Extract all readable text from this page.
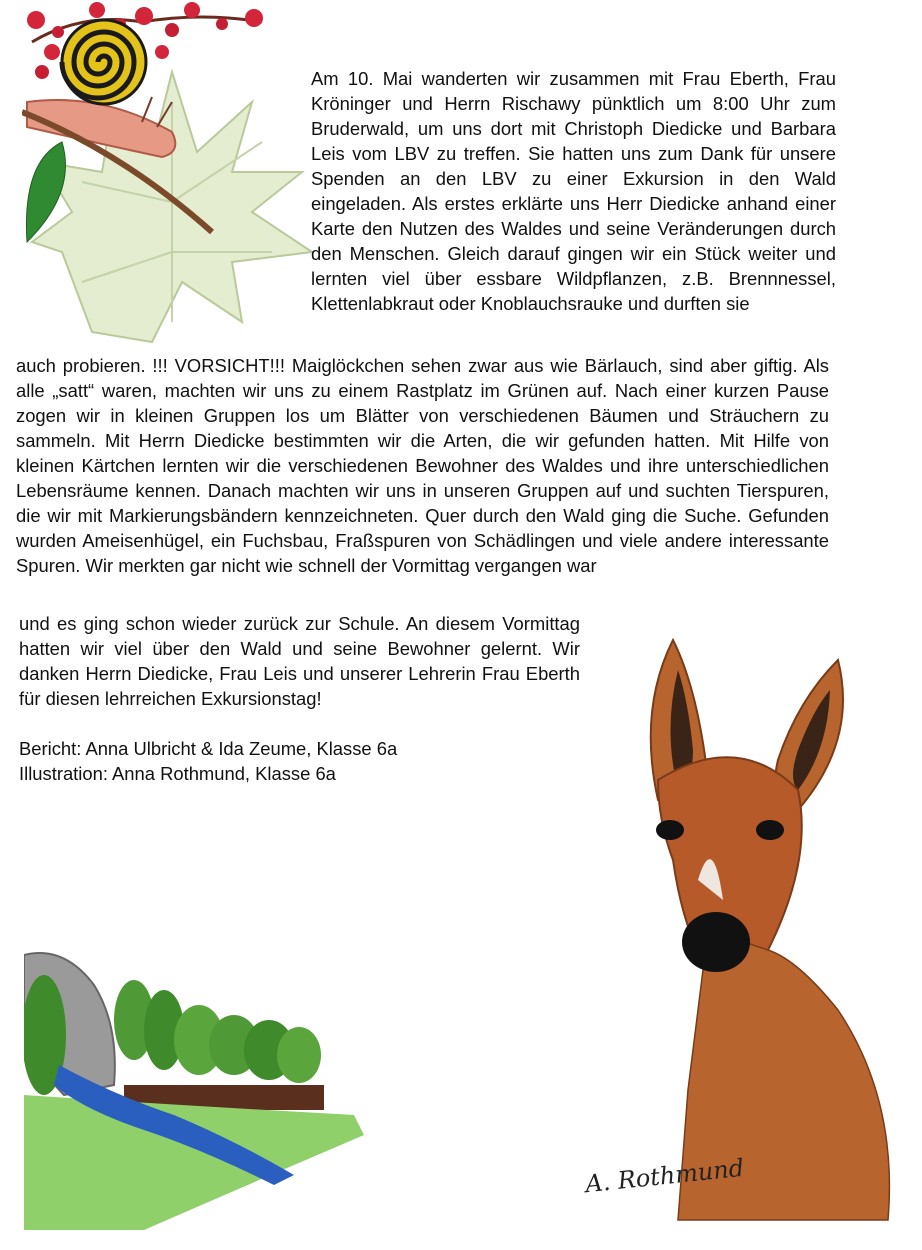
Am 10. Mai wanderten wir zusammen mit Frau Eberth, Frau Kröninger und Herrn Rischawy pünktlich um 8:00 Uhr zum Bruderwald, um uns dort mit Christoph Diedicke und Barbara Leis vom LBV zu treffen. Sie hatten uns zum Dank für unsere Spenden an den LBV zu einer Exkursion in den Wald eingeladen. Als erstes erklärte uns Herr Diedicke anhand einer Karte den Nutzen des Waldes und seine Veränderungen durch den Menschen. Gleich darauf gingen wir ein Stück weiter und lernten viel über essbare Wildpflanzen, z.B. Brennnessel, Klettenlabkraut oder Knoblauchsrauke und durften sie

auch probieren. !!! VORSICHT!!! Maiglöckchen sehen zwar aus wie Bärlauch, sind aber giftig. Als alle „satt“ waren, machten wir uns zu einem Rastplatz im Grünen auf. Nach einer kurzen Pause zogen wir in kleinen Gruppen los um Blätter von verschiedenen Bäumen und Sträuchern zu sammeln. Mit Herrn Diedicke bestimmten wir die Arten, die wir gefunden hatten. Mit Hilfe von kleinen Kärtchen lernten wir die verschiedenen Bewohner des Waldes und ihre unterschiedlichen Lebensräume kennen. Danach machten wir uns in unseren Gruppen auf und suchten Tierspuren, die wir mit Markierungsbändern kennzeichneten. Quer durch den Wald ging die Suche. Gefunden wurden Ameisenhügel, ein Fuchsbau, Fraßspuren von Schädlingen und viele andere interessante Spuren. Wir merkten gar nicht wie schnell der Vormittag vergangen war

und es ging schon wieder zurück zur Schule. An diesem Vormittag hatten wir viel über den Wald und seine Bewohner gelernt. Wir danken Herrn Diedicke, Frau Leis und unserer Lehrerin Frau Eberth für diesen lehrreichen Exkursionstag!

Bericht: Anna Ulbricht & Ida Zeume, Klasse 6a

Illustration: Anna Rothmund, Klasse 6a

A. Rothmund
